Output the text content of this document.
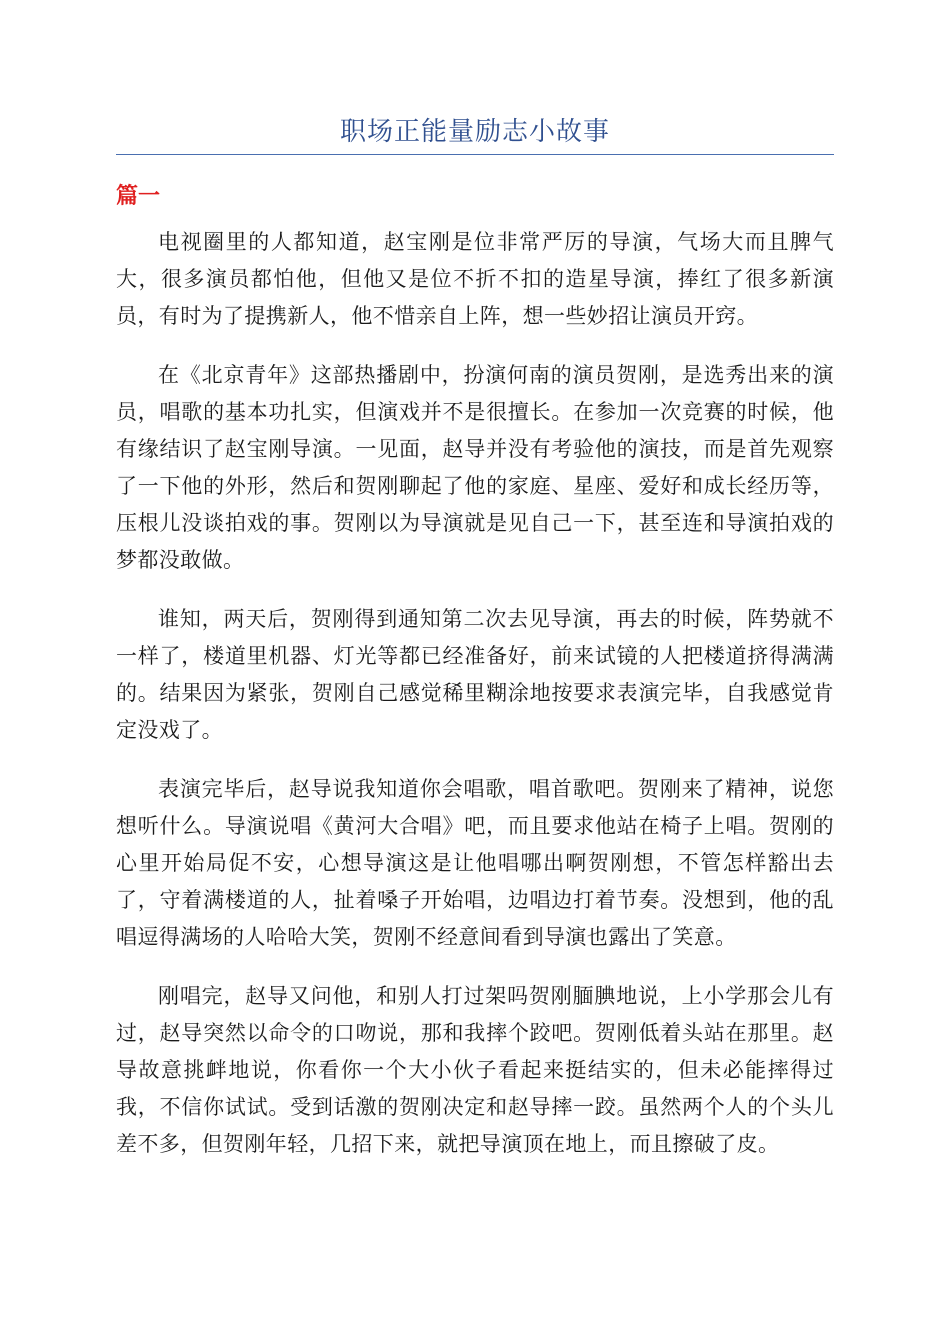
职场正能量励志小故事
篇一

电视圈里的人都知道，赵宝刚是位非常严厉的导演，气场大而且脾气大，很多演员都怕他，但他又是位不折不扣的造星导演，捧红了很多新演员，有时为了提携新人，他不惜亲自上阵，想一些妙招让演员开窍。

在《北京青年》这部热播剧中，扮演何南的演员贺刚，是选秀出来的演员，唱歌的基本功扎实，但演戏并不是很擅长。在参加一次竞赛的时候，他有缘结识了赵宝刚导演。一见面，赵导并没有考验他的演技，而是首先观察了一下他的外形，然后和贺刚聊起了他的家庭、星座、爱好和成长经历等，压根儿没谈拍戏的事。贺刚以为导演就是见自己一下，甚至连和导演拍戏的梦都没敢做。

谁知，两天后，贺刚得到通知第二次去见导演，再去的时候，阵势就不一样了，楼道里机器、灯光等都已经准备好，前来试镜的人把楼道挤得满满的。结果因为紧张，贺刚自己感觉稀里糊涂地按要求表演完毕，自我感觉肯定没戏了。

表演完毕后，赵导说我知道你会唱歌，唱首歌吧。贺刚来了精神，说您想听什么。导演说唱《黄河大合唱》吧，而且要求他站在椅子上唱。贺刚的心里开始局促不安，心想导演这是让他唱哪出啊贺刚想，不管怎样豁出去了，守着满楼道的人，扯着嗓子开始唱，边唱边打着节奏。没想到，他的乱唱逗得满场的人哈哈大笑，贺刚不经意间看到导演也露出了笑意。

刚唱完，赵导又问他，和别人打过架吗贺刚腼腆地说，上小学那会儿有过，赵导突然以命令的口吻说，那和我摔个跤吧。贺刚低着头站在那里。赵导故意挑衅地说，你看你一个大小伙子看起来挺结实的，但未必能摔得过我，不信你试试。受到话激的贺刚决定和赵导摔一跤。虽然两个人的个头儿差不多，但贺刚年轻，几招下来，就把导演顶在地上，而且擦破了皮。
